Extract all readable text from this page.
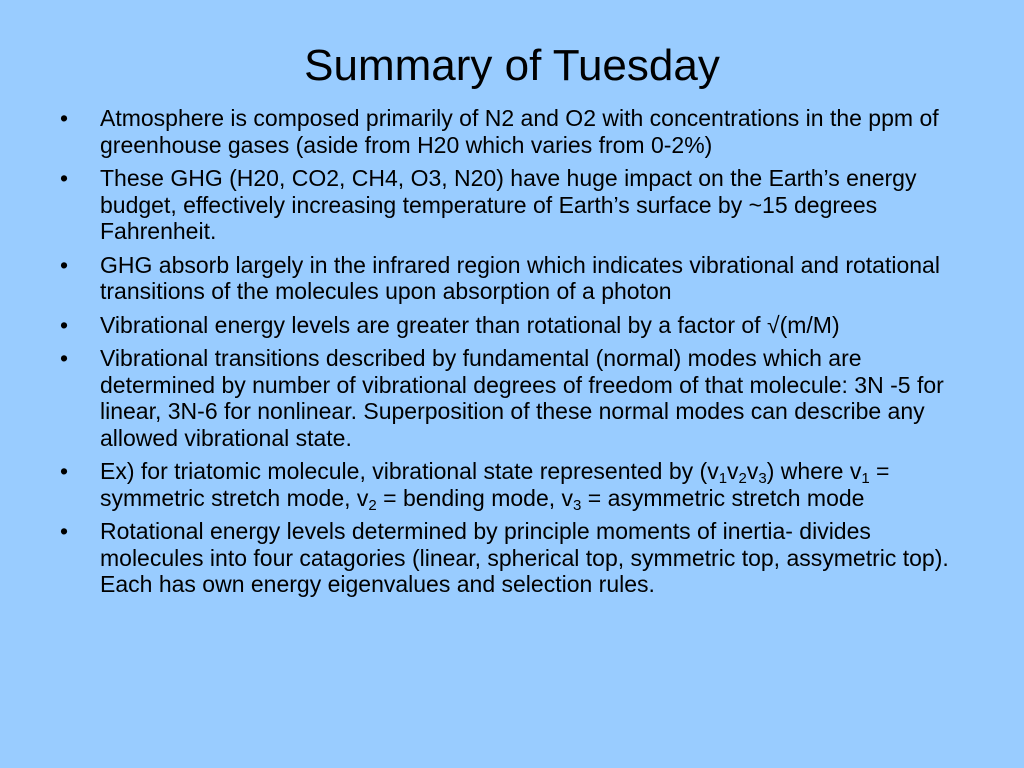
Summary of Tuesday
•	Atmosphere is composed primarily of N2 and O2 with concentrations in the ppm of greenhouse gases (aside from H20 which varies from 0-2%)
•	These GHG (H20, CO2, CH4, O3, N20) have huge impact on the Earth’s energy budget, effectively increasing temperature of Earth’s surface by ~15 degrees Fahrenheit.
•	GHG absorb largely in the infrared region which indicates vibrational and rotational transitions of the molecules upon absorption of a photon
•	Vibrational energy levels are greater than rotational by a factor of √(m/M)
•	Vibrational transitions described by fundamental (normal) modes which are determined by number of vibrational degrees of freedom of that molecule: 3N -5 for linear, 3N-6 for nonlinear. Superposition of these normal modes can describe any allowed vibrational state.
•	Ex) for triatomic molecule, vibrational state represented by $(v_1v_2v_3)$ where $v_1$ = symmetric stretch mode, $v_2$ = bending mode, $v_3$ = asymmetric stretch mode
•	Rotational energy levels determined by principle moments of inertia- divides molecules into four catagories (linear, spherical top, symmetric top, assymetric top). Each has own energy eigenvalues and selection rules.
